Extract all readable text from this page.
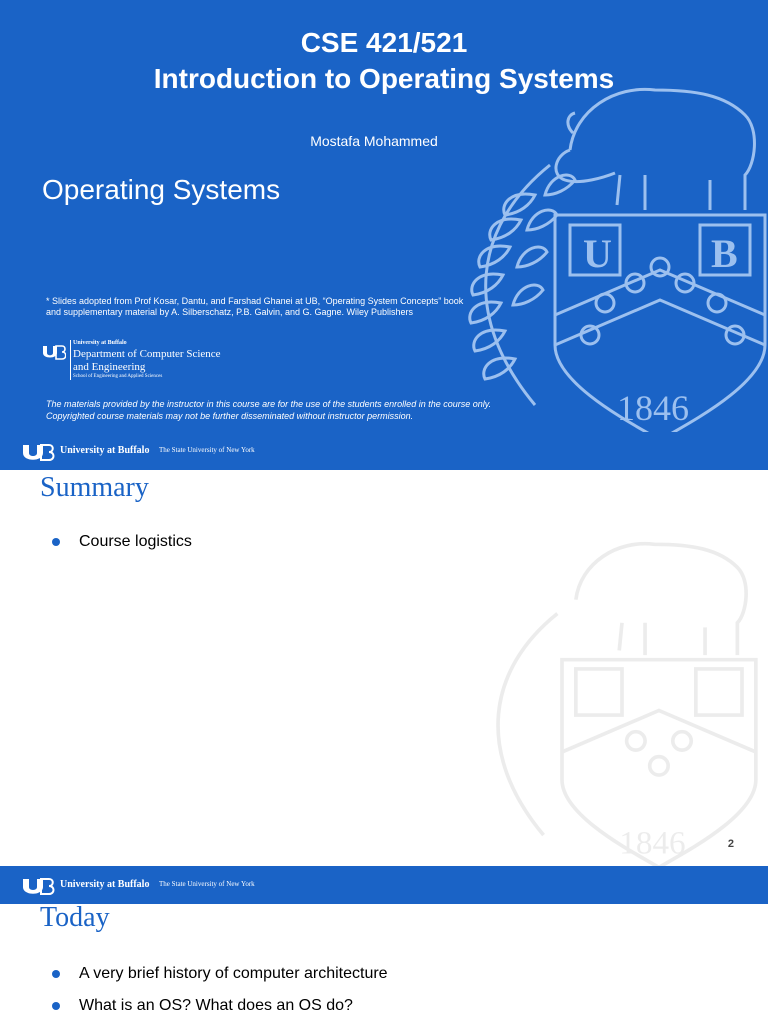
U B
1846
CSE 421/521
Introduction to Operating Systems
Mostafa Mohammed
Operating Systems
* Slides adopted from Prof Kosar, Dantu, and Farshad Ghanei at UB, “Operating System Concepts” book and supplementary material by A. Silberschatz, P.B. Galvin, and G. Gagne. Wiley Publishers
University at Buffalo
Department of Computer Science
and Engineering
School of Engineering and Applied Sciences
The materials provided by the instructor in this course are for the use of the students enrolled in the course only.
Copyrighted course materials may not be further disseminated without instructor permission.
University at Buffalo The State University of New York
1846
Summary
Course logistics
2
University at Buffalo The State University of New York
Today
A very brief history of computer architecture
What is an OS? What does an OS do?
